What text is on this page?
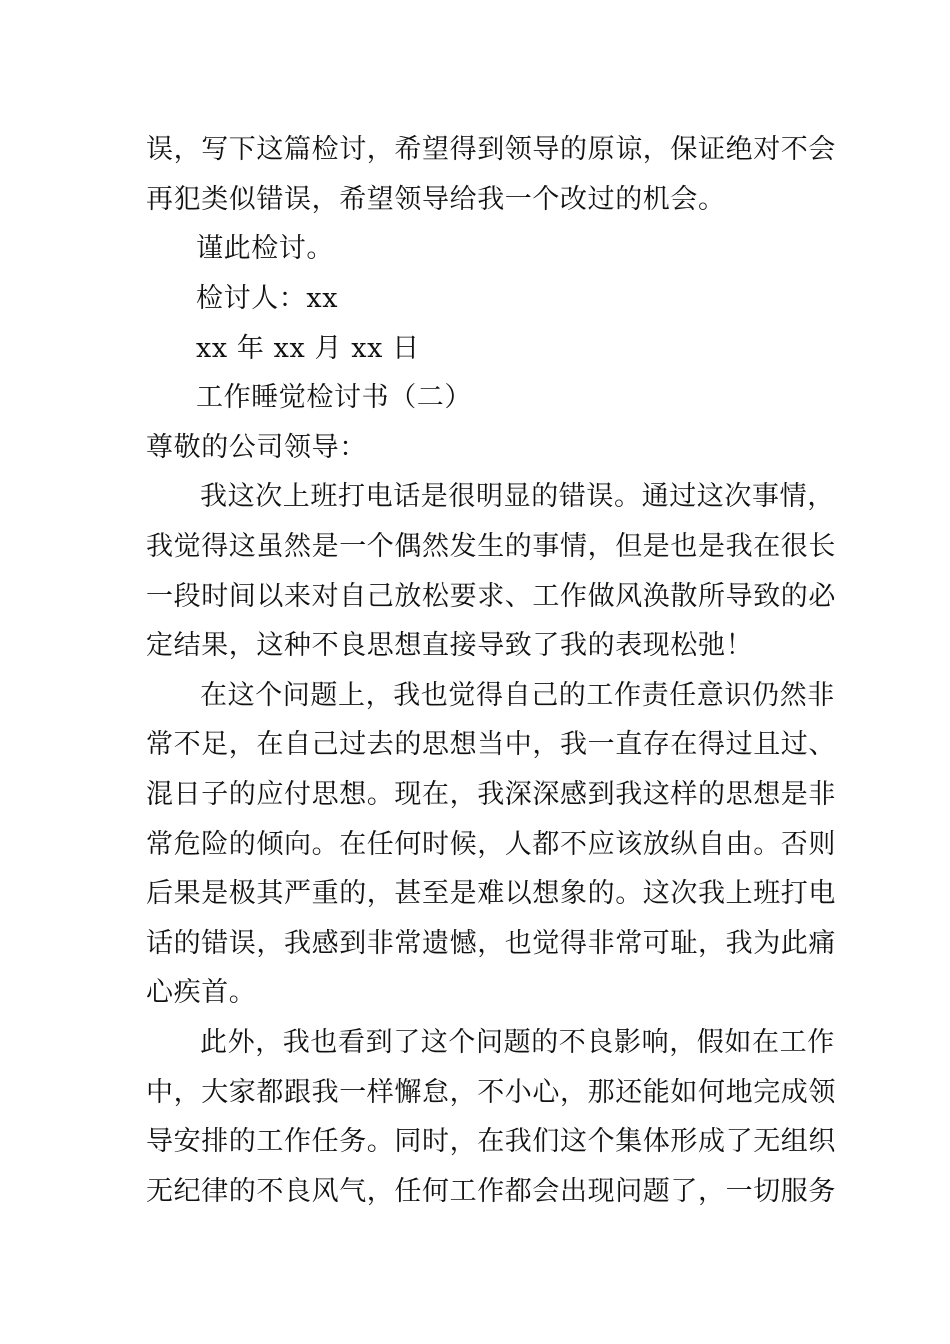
误，写下这篇检讨，希望得到领导的原谅，保证绝对不会
再犯类似错误，希望领导给我一个改过的机会。
谨此检讨。
检讨人：xx
xx 年 xx 月 xx 日
工作睡觉检讨书（二）
尊敬的公司领导：
我这次上班打电话是很明显的错误。通过这次事情，
我觉得这虽然是一个偶然发生的事情，但是也是我在很长
一段时间以来对自己放松要求、工作做风涣散所导致的必
定结果，这种不良思想直接导致了我的表现松弛！
在这个问题上，我也觉得自己的工作责任意识仍然非
常不足，在自己过去的思想当中，我一直存在得过且过、
混日子的应付思想。现在，我深深感到我这样的思想是非
常危险的倾向。在任何时候，人都不应该放纵自由。否则
后果是极其严重的，甚至是难以想象的。这次我上班打电
话的错误，我感到非常遗憾，也觉得非常可耻，我为此痛
心疾首。
此外，我也看到了这个问题的不良影响，假如在工作
中，大家都跟我一样懈怠，不小心，那还能如何地完成领
导安排的工作任务。同时，在我们这个集体形成了无组织
无纪律的不良风气，任何工作都会出现问题了，一切服务
